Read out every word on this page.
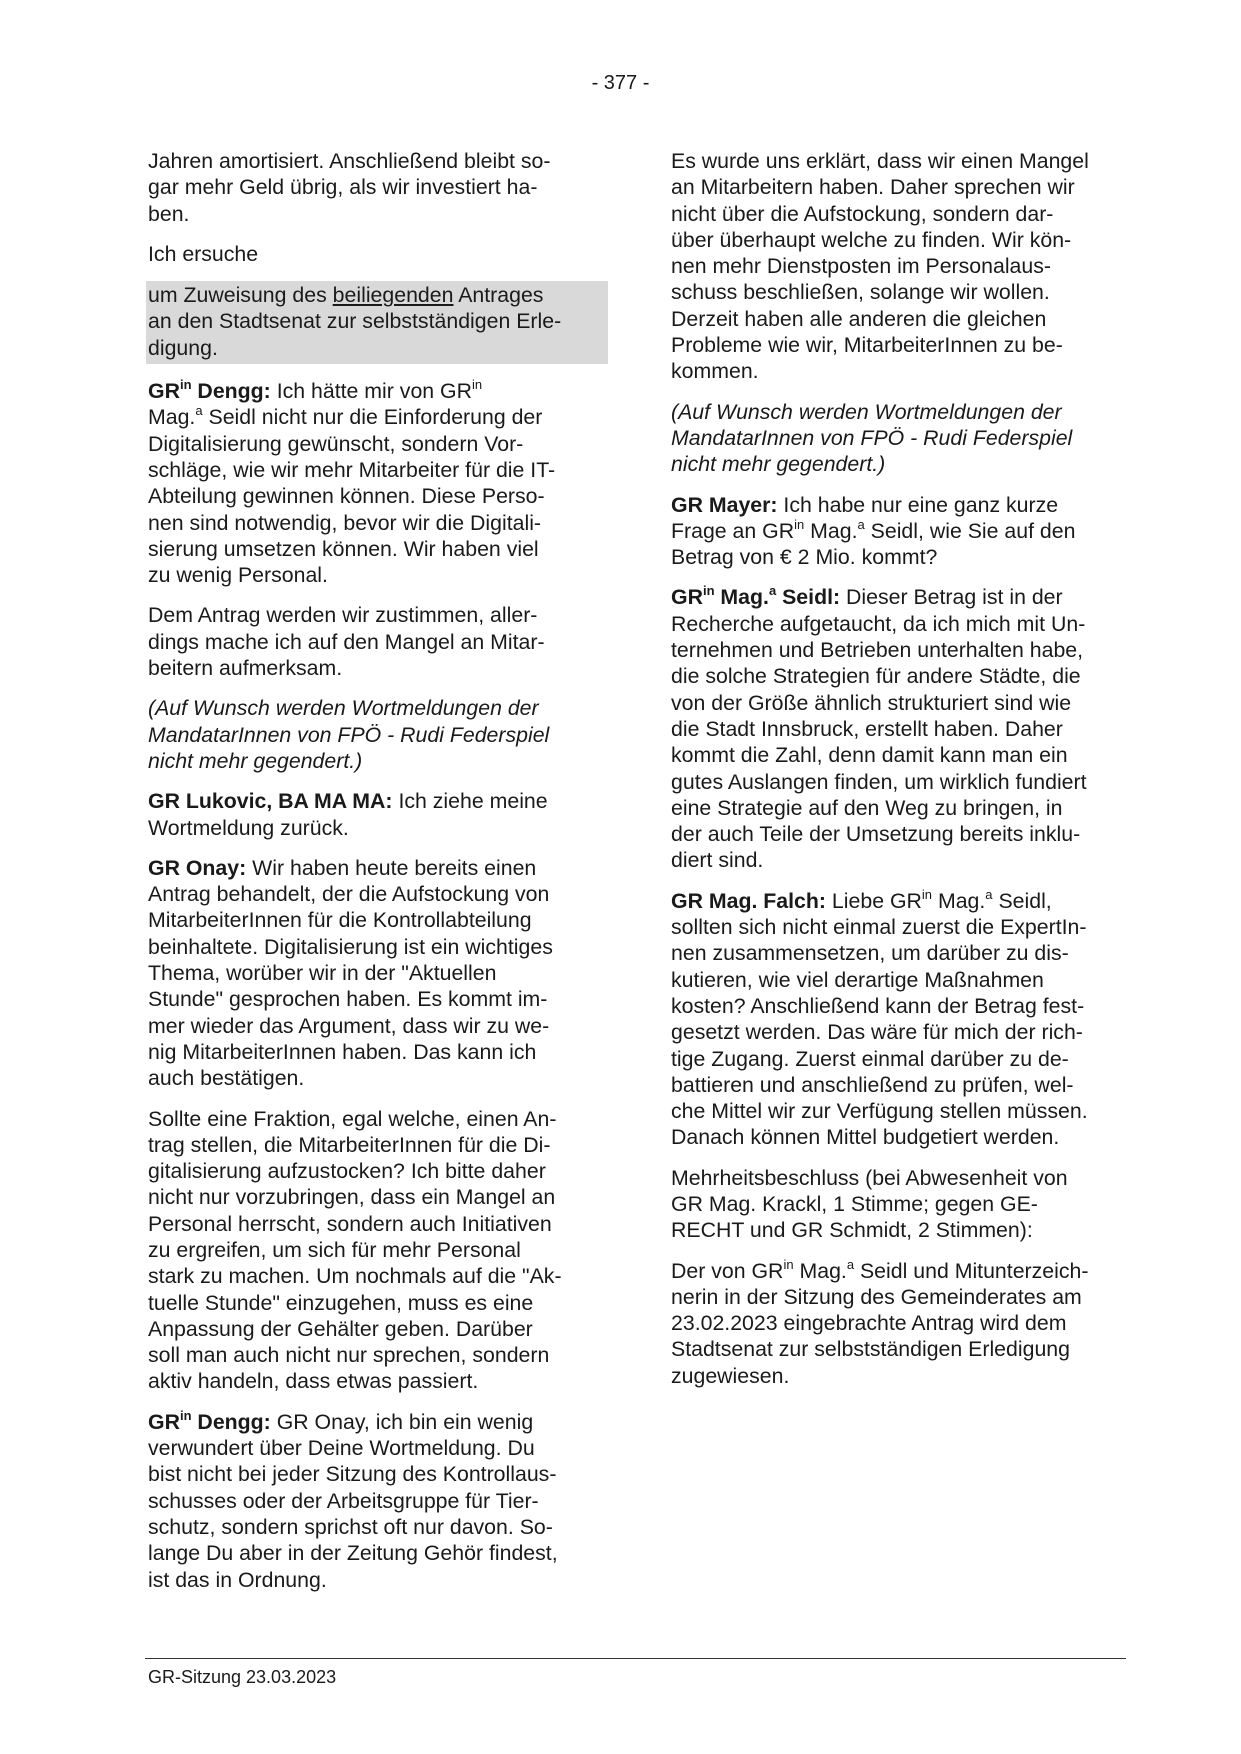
- 377 -

Jahren amortisiert. Anschließend bleibt so-
gar mehr Geld übrig, als wir investiert ha-
ben.

Ich ersuche

um Zuweisung des beiliegenden Antrages
an den Stadtsenat zur selbstständigen Erle-
digung.

$GR^{in}$ Dengg: Ich hätte mir von $GR^{in}$
Mag.$^a$ Seidl nicht nur die Einforderung der
Digitalisierung gewünscht, sondern Vor-
schläge, wie wir mehr Mitarbeiter für die IT-
Abteilung gewinnen können. Diese Perso-
nen sind notwendig, bevor wir die Digitali-
sierung umsetzen können. Wir haben viel
zu wenig Personal.

Dem Antrag werden wir zustimmen, aller-
dings mache ich auf den Mangel an Mitar-
beitern aufmerksam.

(Auf Wunsch werden Wortmeldungen der
MandatarInnen von FPÖ - Rudi Federspiel
nicht mehr gegendert.)

GR Lukovic, BA MA MA: Ich ziehe meine
Wortmeldung zurück.

GR Onay: Wir haben heute bereits einen
Antrag behandelt, der die Aufstockung von
MitarbeiterInnen für die Kontrollabteilung
beinhaltete. Digitalisierung ist ein wichtiges
Thema, worüber wir in der "Aktuellen
Stunde" gesprochen haben. Es kommt im-
mer wieder das Argument, dass wir zu we-
nig MitarbeiterInnen haben. Das kann ich
auch bestätigen.

Sollte eine Fraktion, egal welche, einen An-
trag stellen, die MitarbeiterInnen für die Di-
gitalisierung aufzustocken? Ich bitte daher
nicht nur vorzubringen, dass ein Mangel an
Personal herrscht, sondern auch Initiativen
zu ergreifen, um sich für mehr Personal
stark zu machen. Um nochmals auf die "Ak-
tuelle Stunde" einzugehen, muss es eine
Anpassung der Gehälter geben. Darüber
soll man auch nicht nur sprechen, sondern
aktiv handeln, dass etwas passiert.

$GR^{in}$ Dengg: GR Onay, ich bin ein wenig
verwundert über Deine Wortmeldung. Du
bist nicht bei jeder Sitzung des Kontrollaus-
schusses oder der Arbeitsgruppe für Tier-
schutz, sondern sprichst oft nur davon. So-
lange Du aber in der Zeitung Gehör findest,
ist das in Ordnung.

Es wurde uns erklärt, dass wir einen Mangel
an Mitarbeitern haben. Daher sprechen wir
nicht über die Aufstockung, sondern dar-
über überhaupt welche zu finden. Wir kön-
nen mehr Dienstposten im Personalaus-
schuss beschließen, solange wir wollen.
Derzeit haben alle anderen die gleichen
Probleme wie wir, MitarbeiterInnen zu be-
kommen.

(Auf Wunsch werden Wortmeldungen der
MandatarInnen von FPÖ - Rudi Federspiel
nicht mehr gegendert.)

GR Mayer: Ich habe nur eine ganz kurze
Frage an $GR^{in}$ Mag.$^a$ Seidl, wie Sie auf den
Betrag von € 2 Mio. kommt?

$GR^{in}$ Mag.$^a$ Seidl: Dieser Betrag ist in der
Recherche aufgetaucht, da ich mich mit Un-
ternehmen und Betrieben unterhalten habe,
die solche Strategien für andere Städte, die
von der Größe ähnlich strukturiert sind wie
die Stadt Innsbruck, erstellt haben. Daher
kommt die Zahl, denn damit kann man ein
gutes Auslangen finden, um wirklich fundiert
eine Strategie auf den Weg zu bringen, in
der auch Teile der Umsetzung bereits inklu-
diert sind.

GR Mag. Falch: Liebe $GR^{in}$ Mag.$^a$ Seidl,
sollten sich nicht einmal zuerst die ExpertIn-
nen zusammensetzen, um darüber zu dis-
kutieren, wie viel derartige Maßnahmen
kosten? Anschließend kann der Betrag fest-
gesetzt werden. Das wäre für mich der rich-
tige Zugang. Zuerst einmal darüber zu de-
battieren und anschließend zu prüfen, wel-
che Mittel wir zur Verfügung stellen müssen.
Danach können Mittel budgetiert werden.

Mehrheitsbeschluss (bei Abwesenheit von
GR Mag. Krackl, 1 Stimme; gegen GE-
RECHT und GR Schmidt, 2 Stimmen):

Der von $GR^{in}$ Mag.$^a$ Seidl und Mitunterzeich-
nerin in der Sitzung des Gemeinderates am
23.02.2023 eingebrachte Antrag wird dem
Stadtsenat zur selbstständigen Erledigung
zugewiesen.

GR-Sitzung 23.03.2023
